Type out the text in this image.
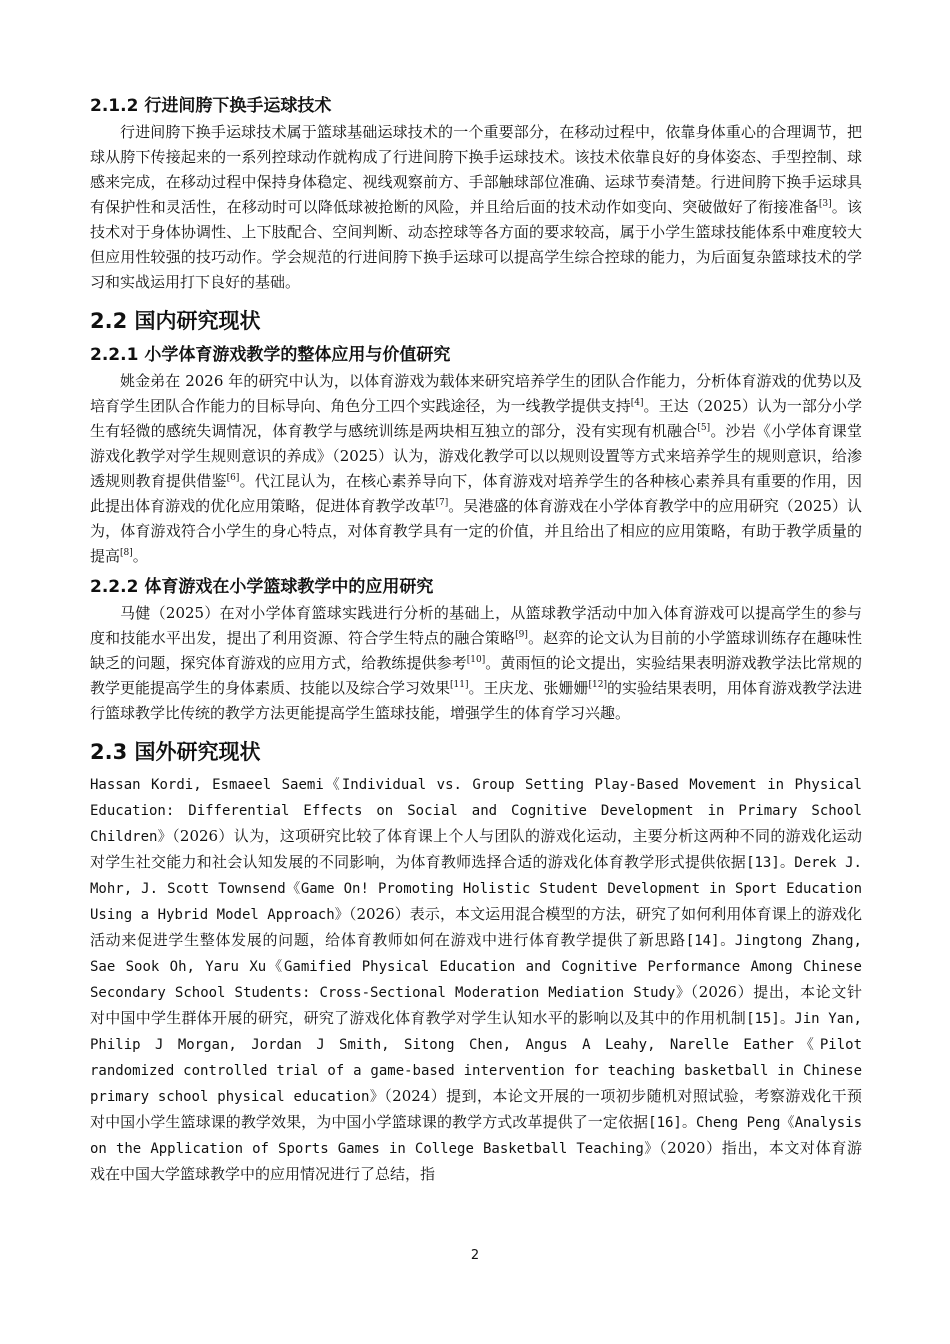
2.1.2 行进间胯下换手运球技术

行进间胯下换手运球技术属于篮球基础运球技术的一个重要部分，在移动过程中，依靠身体重心的合理调节，把球从胯下传接起来的一系列控球动作就构成了行进间胯下换手运球技术。该技术依靠良好的身体姿态、手型控制、球感来完成，在移动过程中保持身体稳定、视线观察前方、手部触球部位准确、运球节奏清楚。行进间胯下换手运球具有保护性和灵活性，在移动时可以降低球被抢断的风险，并且给后面的技术动作如变向、突破做好了衔接准备[3]。该技术对于身体协调性、上下肢配合、空间判断、动态控球等各方面的要求较高，属于小学生篮球技能体系中难度较大但应用性较强的技巧动作。学会规范的行进间胯下换手运球可以提高学生综合控球的能力，为后面复杂篮球技术的学习和实战运用打下良好的基础。

2.2 国内研究现状
2.2.1 小学体育游戏教学的整体应用与价值研究

姚金弟在 2026 年的研究中认为，以体育游戏为载体来研究培养学生的团队合作能力，分析体育游戏的优势以及培育学生团队合作能力的目标导向、角色分工四个实践途径，为一线教学提供支持[4]。王达（2025）认为一部分小学生有轻微的感统失调情况，体育教学与感统训练是两块相互独立的部分，没有实现有机融合[5]。沙岩《小学体育课堂游戏化教学对学生规则意识的养成》（2025）认为，游戏化教学可以以规则设置等方式来培养学生的规则意识，给渗透规则教育提供借鉴[6]。代江昆认为，在核心素养导向下，体育游戏对培养学生的各种核心素养具有重要的作用，因此提出体育游戏的优化应用策略，促进体育教学改革[7]。吴港盛的体育游戏在小学体育教学中的应用研究（2025）认为，体育游戏符合小学生的身心特点，对体育教学具有一定的价值，并且给出了相应的应用策略，有助于教学质量的提高[8]。

2.2.2 体育游戏在小学篮球教学中的应用研究

马健（2025）在对小学体育篮球实践进行分析的基础上，从篮球教学活动中加入体育游戏可以提高学生的参与度和技能水平出发，提出了利用资源、符合学生特点的融合策略[9]。赵弈的论文认为目前的小学篮球训练存在趣味性缺乏的问题，探究体育游戏的应用方式，给教练提供参考[10]。黄雨恒的论文提出，实验结果表明游戏教学法比常规的教学更能提高学生的身体素质、技能以及综合学习效果[11]。王庆龙、张姗姗[12]的实验结果表明，用体育游戏教学法进行篮球教学比传统的教学方法更能提高学生篮球技能，增强学生的体育学习兴趣。

2.3 国外研究现状

Hassan Kordi, Esmaeel Saemi《Individual vs. Group Setting Play-Based Movement in Physical Education: Differential Effects on Social and Cognitive Development in Primary School Children》（2026）认为，这项研究比较了体育课上个人与团队的游戏化运动，主要分析这两种不同的游戏化运动对学生社交能力和社会认知发展的不同影响，为体育教师选择合适的游戏化体育教学形式提供依据[13]。Derek J. Mohr, J. Scott Townsend《Game On! Promoting Holistic Student Development in Sport Education Using a Hybrid Model Approach》（2026）表示，本文运用混合模型的方法，研究了如何利用体育课上的游戏化活动来促进学生整体发展的问题，给体育教师如何在游戏中进行体育教学提供了新思路[14]。Jingtong Zhang, Sae Sook Oh, Yaru Xu《Gamified Physical Education and Cognitive Performance Among Chinese Secondary School Students: Cross-Sectional Moderation Mediation Study》（2026）提出，本论文针对中国中学生群体开展的研究，研究了游戏化体育教学对学生认知水平的影响以及其中的作用机制[15]。Jin Yan, Philip J Morgan, Jordan J Smith, Sitong Chen, Angus A Leahy, Narelle Eather《Pilot randomized controlled trial of a game-based intervention for teaching basketball in Chinese primary school physical education》（2024）提到，本论文开展的一项初步随机对照试验，考察游戏化干预对中国小学生篮球课的教学效果，为中国小学篮球课的教学方式改革提供了一定依据[16]。Cheng Peng《Analysis on the Application of Sports Games in College Basketball Teaching》（2020）指出，本文对体育游戏在中国大学篮球教学中的应用情况进行了总结，指

2
